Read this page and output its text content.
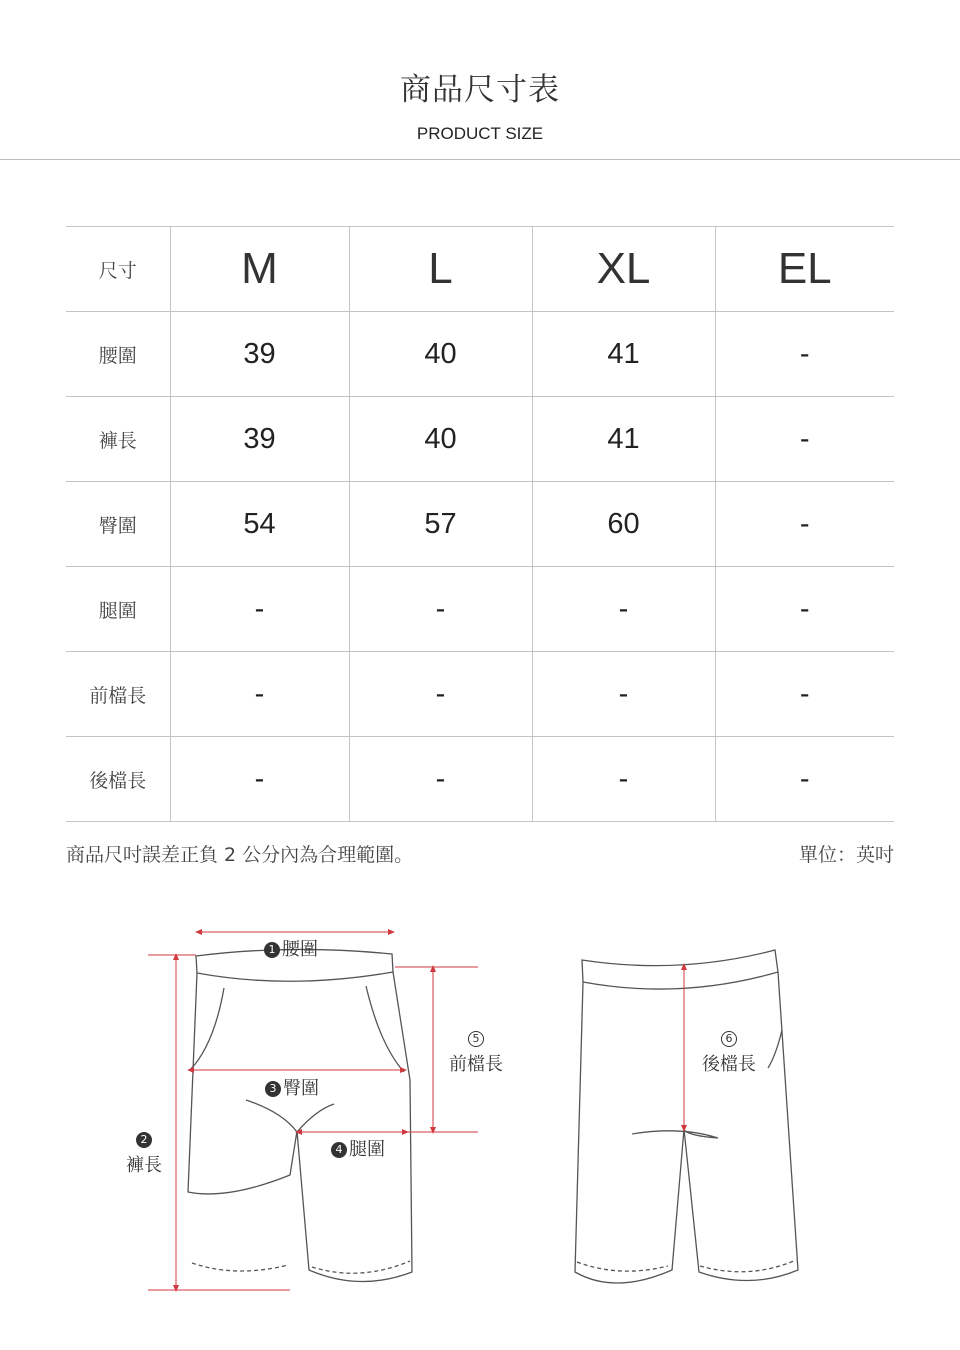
商品尺寸表
PRODUCT SIZE
尺寸	M	L	XL	EL
腰圍	39	40	41	-
褲長	39	40	41	-
臀圍	54	57	60	-
腿圍	-	-	-	-
前檔長	-	-	-	-
後檔長	-	-	-	-
商品尺吋誤差正負 2 公分內為合理範圍。	單位：英吋
1 腰圍
3 臀圍
4 腿圍
2
褲長
5
前檔長
6
後檔長
